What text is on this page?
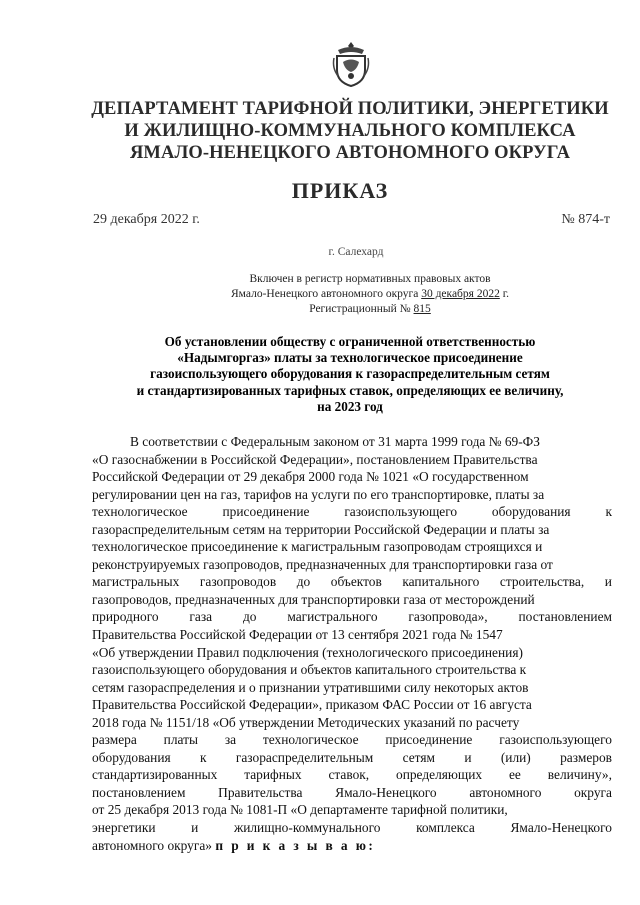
ДЕПАРТАМЕНТ ТАРИФНОЙ ПОЛИТИКИ, ЭНЕРГЕТИКИ
И ЖИЛИЩНО-КОММУНАЛЬНОГО КОМПЛЕКСА
ЯМАЛО-НЕНЕЦКОГО АВТОНОМНОГО ОКРУГА
ПРИКАЗ
29 декабря 2022 г.	№ 874-т
г. Салехард
Включен в регистр нормативных правовых актов
Ямало-Ненецкого автономного округа 30 декабря 2022 г.
Регистрационный № 815
Об установлении обществу с ограниченной ответственностью
«Надымгоргаз» платы за технологическое присоединение
газоиспользующего оборудования к газораспределительным сетям
и стандартизированных тарифных ставок, определяющих ее величину,
на 2023 год
В соответствии с Федеральным законом от 31 марта 1999 года № 69-ФЗ
«О газоснабжении в Российской Федерации», постановлением Правительства
Российской Федерации от 29 декабря 2000 года № 1021 «О государственном
регулировании цен на газ, тарифов на услуги по его транспортировке, платы за
технологическое	присоединение	газоиспользующего	оборудования	к
газораспределительным сетям на территории Российской Федерации и платы за
технологическое присоединение к магистральным газопроводам строящихся и
реконструируемых газопроводов, предназначенных для транспортировки газа от
магистральных газопроводов до объектов капитального строительства, и
газопроводов, предназначенных для транспортировки газа от месторождений
природного газа до магистрального газопровода», постановлением
Правительства Российской Федерации от 13 сентября 2021 года № 1547
«Об утверждении Правил подключения (технологического присоединения)
газоиспользующего оборудования и объектов капитального строительства к
сетям газораспределения и о признании утратившими силу некоторых актов
Правительства Российской Федерации», приказом ФАС России от 16 августа
2018 года № 1151/18 «Об утверждении Методических указаний по расчету
размера платы за технологическое присоединение газоиспользующего
оборудования к газораспределительным сетям и (или) размеров
стандартизированных тарифных ставок, определяющих ее величину»,
постановлением Правительства Ямало-Ненецкого автономного округа
от 25 декабря 2013 года № 1081-П «О департаменте тарифной политики,
энергетики	и	жилищно-коммунального	комплекса	Ямало-Ненецкого
автономного округа» п р и к а з ы в а ю:
